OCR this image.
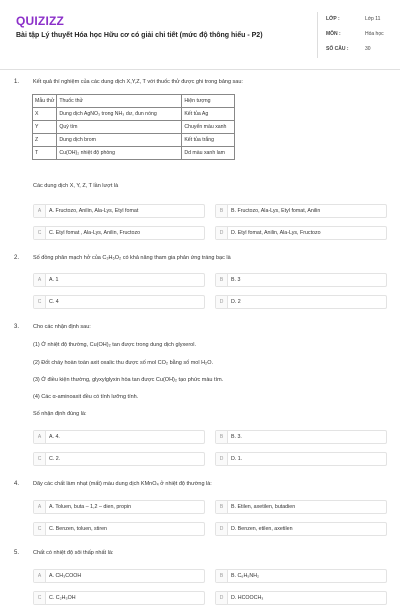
QUIZIZZ
Bài tập Lý thuyết Hóa học Hữu cơ có giải chi tiết (mức độ thông hiểu - P2)
LỚP :	Lớp 11
MÔN :	Hóa học
SỐ CÂU :	30
1.	Kết quả thí nghiệm của các dung dịch X,Y,Z, T với thuốc thử được ghi trong bảng sau:
Mẫu thử	Thuốc thử	Hiện tượng
X	Dung dịch AgNO₃ trong NH₃ dư, đun nóng	Kết tủa Ag
Y	Quỳ tím	Chuyển màu xanh
Z	Dung dịch brom	Kết tủa trắng
T	Cu(OH)₂ nhiệt độ phòng	Dd màu xanh lam
Các dung dịch X, Y, Z, T lần lượt là
A	A. Fructozo, Anilin, Ala-Lys, Etyl fomat	B	B. Fructozo, Ala-Lys, Etyl fomat, Anilin
C	C. Etyl fomat , Ala-Lys, Anilin, Fructozo	D	D. Etyl fomat, Anilin, Ala-Lys, Fructozo
2.	Số đồng phân mạch hở của C₃H₆O₂ có khả năng tham gia phản ứng tráng bạc là
A	A. 1	B	B. 3
C	C. 4	D	D. 2
3.	Cho các nhận định sau:
(1) Ở nhiệt độ thường, Cu(OH)₂ tan được trong dung dịch glyxerol.
(2) Đốt cháy hoàn toàn axit oxalic thu được số mol CO₂ bằng số mol H₂O.
(3) Ở điều kiện thường, glyxylglyxin hòa tan được Cu(OH)₂ tạo phức màu tím.
(4) Các α-aminoaxit đều có tính lưỡng tính.
Số nhận định đúng là:
A	A. 4.	B	B. 3.
C	C. 2.	D	D. 1.
4.	Dãy các chất làm nhạt (mất) màu dung dịch KMnO₄ ở nhiệt độ thường là:
A	A. Toluen, buta – 1,2 – dien, propin	B	B. Etilen, axetilen, butadien
C	C. Benzen, toluen, stiren	D	D. Benzen, etilen, axetilen
5.	Chất có nhiệt độ sôi thấp nhất là:
A	A. CH₃COOH	B	B. C₆H₅NH₂
C	C. C₂H₅OH	D	D. HCOOCH₃
